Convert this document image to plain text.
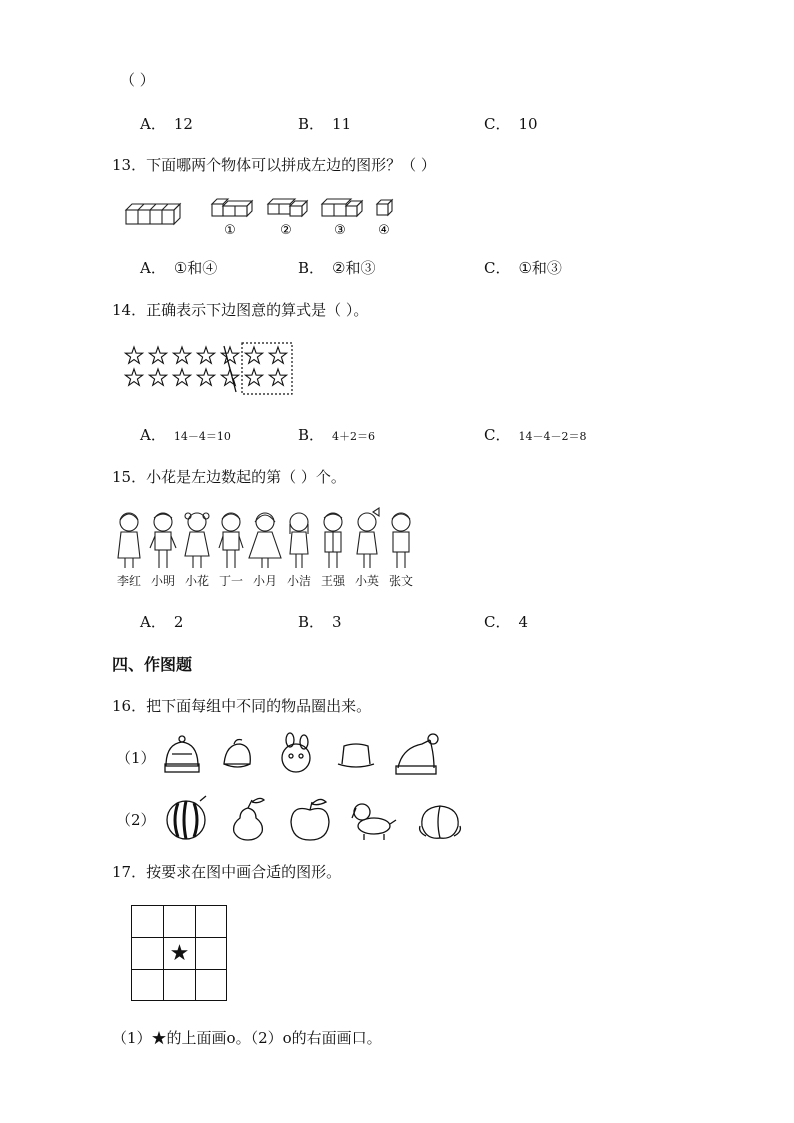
（ ）
A． 12	B． 11	C． 10
13．下面哪两个物体可以拼成左边的图形？（ ）
①	②	③ ④
A． ①和④	B． ②和③	C． ①和③
14．正确表示下边图意的算式是（ ）。
A． 14－4＝10	B． 4＋2＝6	C． 14－4－2＝8
15．小花是左边数起的第（ ）个。
李红 小明 小花 丁一 小月 小洁 王强 小英 张文
A． 2	B． 3	C． 4
四、作图题
16．把下面每组中不同的物品圈出来。
（1）
（2）
17．按要求在图中画合适的图形。
★
（1）★的上面画o。（2）o的右面画口。
